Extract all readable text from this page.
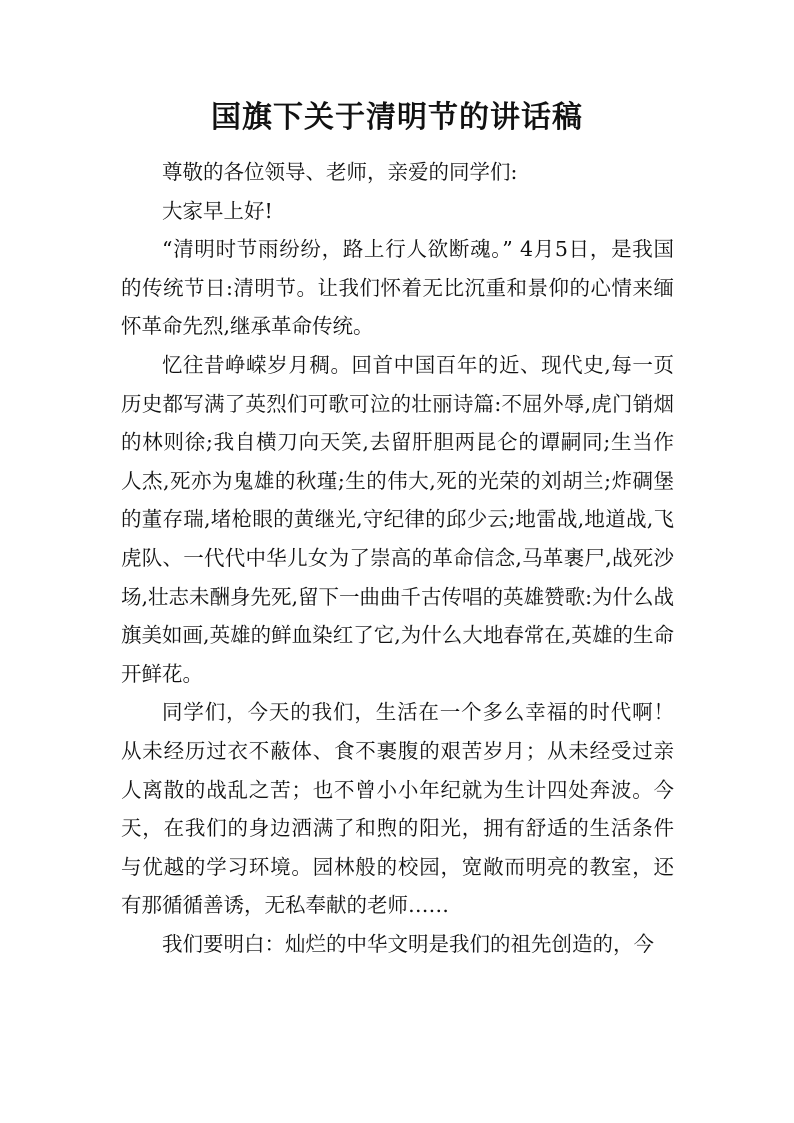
国旗下关于清明节的讲话稿

尊敬的各位领导、老师，亲爱的同学们:

大家早上好!

“清明时节雨纷纷，路上行人欲断魂。” 4月5日，是我国的传统节日:清明节。让我们怀着无比沉重和景仰的心情来缅怀革命先烈,继承革命传统。

忆往昔峥嵘岁月稠。回首中国百年的近、现代史,每一页历史都写满了英烈们可歌可泣的壮丽诗篇:不屈外辱,虎门销烟的林则徐;我自横刀向天笑,去留肝胆两昆仑的谭嗣同;生当作人杰,死亦为鬼雄的秋瑾;生的伟大,死的光荣的刘胡兰;炸碉堡的董存瑞,堵枪眼的黄继光,守纪律的邱少云;地雷战,地道战,飞虎队、一代代中华儿女为了崇高的革命信念,马革裹尸,战死沙场,壮志未酬身先死,留下一曲曲千古传唱的英雄赞歌:为什么战旗美如画,英雄的鲜血染红了它,为什么大地春常在,英雄的生命开鲜花。

同学们，今天的我们，生活在一个多么幸福的时代啊！从未经历过衣不蔽体、食不裹腹的艰苦岁月；从未经受过亲人离散的战乱之苦；也不曾小小年纪就为生计四处奔波。今天，在我们的身边洒满了和煦的阳光，拥有舒适的生活条件与优越的学习环境。园林般的校园，宽敞而明亮的教室，还有那循循善诱，无私奉献的老师……

我们要明白：灿烂的中华文明是我们的祖先创造的，今
